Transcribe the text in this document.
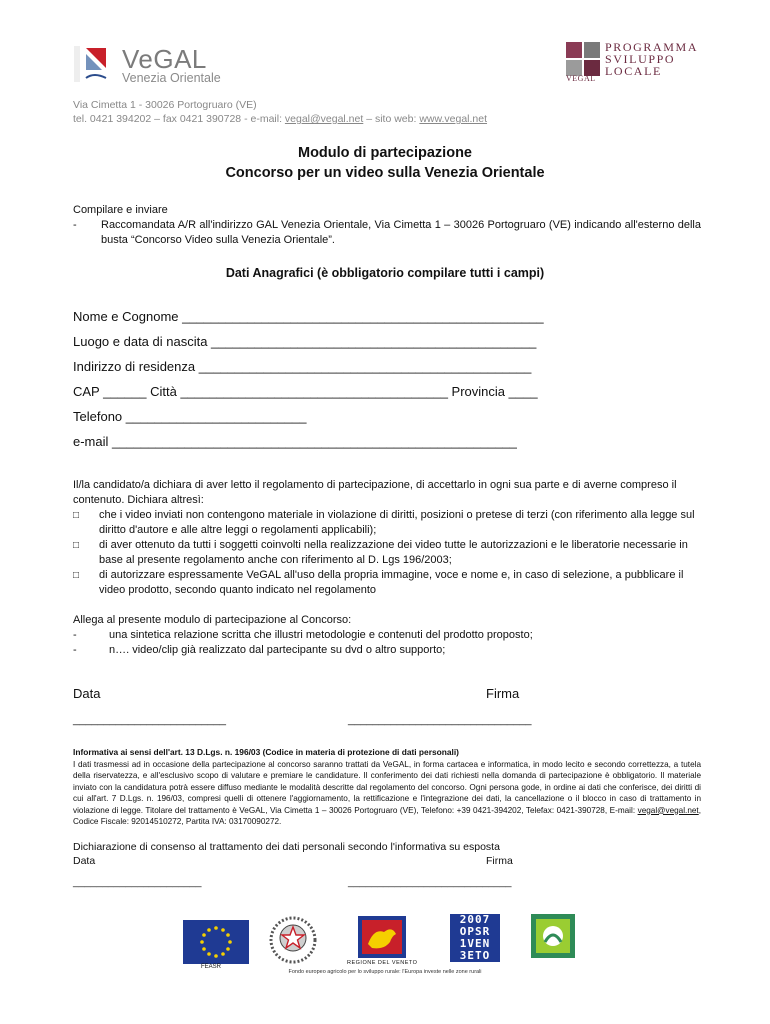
VeGAL
Venezia Orientale
PROGRAMMA
SVILUPPO
LOCALE
VEGAL
Via Cimetta 1 - 30026 Portogruaro (VE)
tel. 0421 394202 – fax 0421 390728 - e-mail: vegal@vegal.net – sito web: www.vegal.net
Modulo di partecipazione
Concorso per un video sulla Venezia Orientale
Compilare e inviare
-	Raccomandata A/R all'indirizzo GAL Venezia Orientale, Via Cimetta 1 – 30026 Portogruaro (VE) indicando all'esterno della busta “Concorso Video sulla Venezia Orientale”.
Dati Anagrafici (è obbligatorio compilare tutti i campi)
Nome e Cognome __________________________________________________
Luogo e data di nascita _____________________________________________
Indirizzo di residenza ______________________________________________
CAP ______ Città _____________________________________ Provincia ____
Telefono _________________________
e-mail ________________________________________________________
Il/la candidato/a dichiara di aver letto il regolamento di partecipazione, di accettarlo in ogni sua parte e di averne compreso il contenuto. Dichiara altresì:
□	che i video inviati non contengono materiale in violazione di diritti, posizioni o pretese di terzi (con riferimento alla legge sul diritto d'autore e alle altre leggi o regolamenti applicabili);
□	di aver ottenuto da tutti i soggetti coinvolti nella realizzazione dei video tutte le autorizzazioni e le liberatorie necessarie in base al presente regolamento anche con riferimento al D. Lgs 196/2003;
□	di autorizzare espressamente VeGAL all'uso della propria immagine, voce e nome e, in caso di selezione, a pubblicare il video prodotto, secondo quanto indicato nel regolamento
Allega al presente modulo di partecipazione al Concorso:
-	una sintetica relazione scritta che illustri metodologie e contenuti del prodotto proposto;
-	n…. video/clip già realizzato dal partecipante su dvd o altro supporto;
Data	Firma
_________________________	______________________________
Informativa ai sensi dell'art. 13 D.Lgs. n. 196/03 (Codice in materia di protezione di dati personali)
I dati trasmessi ad in occasione della partecipazione al concorso saranno trattati da VeGAL, in forma cartacea e informatica, in modo lecito e secondo correttezza, a tutela della riservatezza, e all'esclusivo scopo di valutare e premiare le candidature. Il conferimento dei dati richiesti nella domanda di partecipazione è obbligatorio. Il materiale inviato con la candidatura potrà essere diffuso mediante le modalità descritte dal regolamento del concorso. Ogni persona gode, in ordine ai dati che conferisce, dei diritti di cui all'art. 7 D.Lgs. n. 196/03, compresi quelli di ottenere l'aggiornamento, la rettificazione e l'integrazione dei dati, la cancellazione o il blocco in caso di trattamento in violazione di legge. Titolare del trattamento è VeGAL, Via Cimetta 1 – 30026 Portogruaro (VE), Telefono: +39 0421-394202, Telefax: 0421-390728, E-mail: vegal@vegal.net, Codice Fiscale: 92014510272, Partita IVA: 03170090272.
Dichiarazione di consenso al trattamento dei dati personali secondo l'informativa su esposta
Data	Firma
______________________	____________________________
FEASR
REGIONE DEL VENETO
2007
OPSR
1VEN
3ETO
Fondo europeo agricolo per lo sviluppo rurale: l'Europa investe nelle zone rurali
